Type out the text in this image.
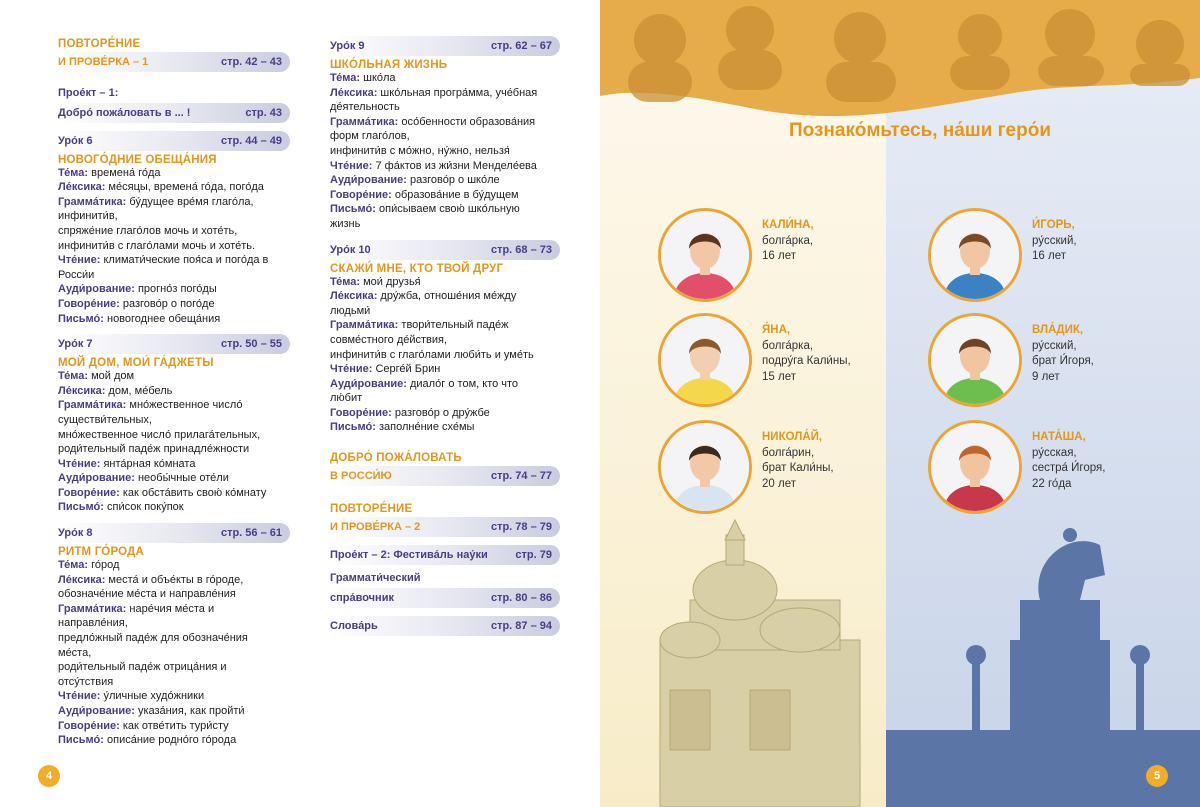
ПОВТОРЕ́НИЕ
И ПРОВЕ́РКА – 1	стр. 42 – 43
Прое́кт – 1:
Добро́ пожа́ловать в ... !	стр. 43
Уро́к 6	стр. 44 – 49
НОВОГО́ДНИЕ ОБЕЩА́НИЯ
Те́ма: времена́ го́да
Ле́ксика: ме́сяцы, времена́ го́да, пого́да
Грамма́тика: бу́дущее вре́мя глаго́ла,
инфинити́в,
спряже́ние глаго́лов мочь и хоте́ть,
инфинити́в с глаго́лами мочь и хоте́ть.
Чте́ние: климати́ческие поя́са и пого́да в
Росси́и
Ауди́рование: прогно́з пого́ды
Говоре́ние: разгово́р о пого́де
Письмо́: новогоднее обеща́ния
Уро́к 7	стр. 50 – 55
МОЙ ДОМ, МОИ́ ГА́ДЖЕТЫ
Те́ма: мой дом
Ле́ксика: дом, ме́бель
Грамма́тика: мно́жественное число́
существи́тельных,
мно́жественное число́ прилага́тельных,
роди́тельный паде́ж принадле́жности
Чте́ние: янта́рная ко́мната
Ауди́рование: необы́чные оте́ли
Говоре́ние: как обста́вить свою́ ко́мнату
Письмо́: спи́сок поку́пок
Уро́к 8	стр. 56 – 61
РИТМ ГО́РОДА
Те́ма: го́род
Ле́ксика: места́ и объе́кты в го́роде,
обозначе́ние ме́ста и направле́ния
Грамма́тика: наре́чия ме́ста и
направле́ния,
предло́жный паде́ж для обозначе́ния
ме́ста,
роди́тельный паде́ж отрица́ния и
отсу́тствия
Чте́ние: у́личные худо́жники
Ауди́рование: указа́ния, как пройти́
Говоре́ние: как отве́тить тури́сту
Письмо́: описа́ние родно́го го́рода
Уро́к 9	стр. 62 – 67
ШКО́ЛЬНАЯ ЖИЗНЬ
Те́ма: шко́ла
Ле́ксика: шко́льная програ́мма, уче́бная
де́ятельность
Грамма́тика: осо́бенности образова́ния
форм глаго́лов,
инфинити́в с мо́жно, ну́жно, нельзя́
Чте́ние: 7 фа́ктов из жи́зни Менделе́ева
Ауди́рование: разгово́р о шко́ле
Говоре́ние: образова́ние в бу́дущем
Письмо́: опи́сываем свою́ шко́льную
жизнь
Уро́к 10	стр. 68 – 73
СКАЖИ́ МНЕ, КТО ТВОЙ ДРУГ
Те́ма: мои́ друзья́
Ле́ксика: дру́жба, отноше́ния ме́жду
людьми́
Грамма́тика: твори́тельный паде́ж
совме́стного де́йствия,
инфинити́в с глаго́лами люби́ть и уме́ть
Чте́ние: Серге́й Брин
Ауди́рование: диало́г о том, кто что
лю́бит
Говоре́ние: разгово́р о дру́жбе
Письмо́: заполне́ние схе́мы
ДОБРО́ ПОЖА́ЛОВАТЬ
В РОССИ́Ю	стр. 74 – 77
ПОВТОРЕ́НИЕ
И ПРОВЕ́РКА – 2	стр. 78 – 79
Прое́кт – 2: Фестива́ль нау́ки	стр. 79
Граммати́ческий
спра́вочник	стр. 80 – 86
Слова́рь	стр. 87 – 94
4
Познако́мьтесь, на́ши геро́и
КАЛИ́НА,
болга́рка,
16 лет
И́ГОРЬ,
ру́сский,
16 лет
Я́НА,
болга́рка,
подру́га Кали́ны,
15 лет
ВЛА́ДИК,
ру́сский,
брат И́горя,
9 лет
НИКОЛА́Й,
болга́рин,
брат Кали́ны,
20 лет
НАТА́ША,
ру́сская,
сестра́ И́горя,
22 го́да
5
